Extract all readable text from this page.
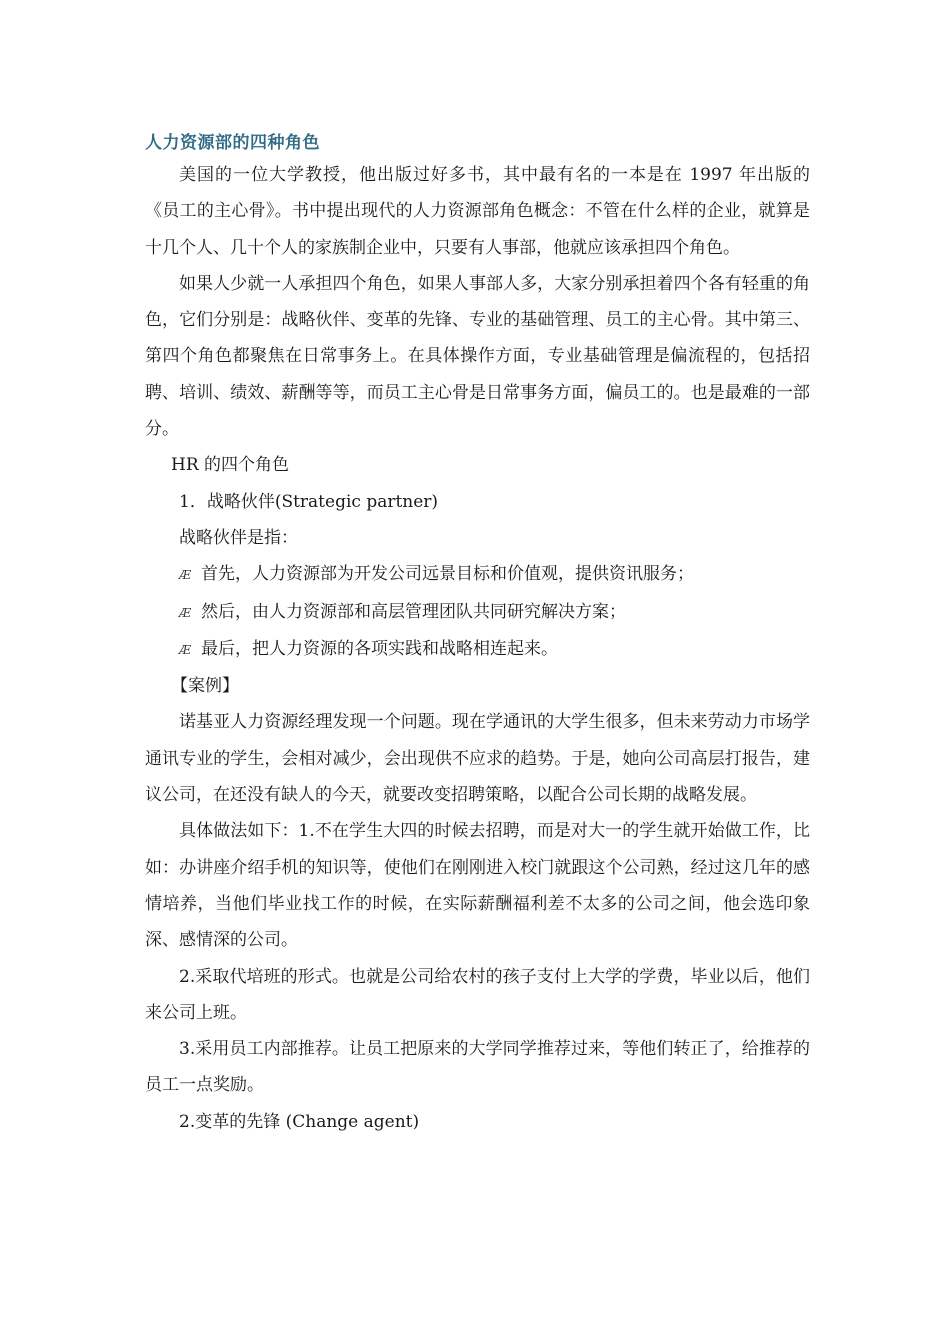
人力资源部的四种角色

美国的一位大学教授，他出版过好多书，其中最有名的一本是在 1997 年出版的《员工的主心骨》。书中提出现代的人力资源部角色概念：不管在什么样的企业，就算是十几个人、几十个人的家族制企业中，只要有人事部，他就应该承担四个角色。

如果人少就一人承担四个角色，如果人事部人多，大家分别承担着四个各有轻重的角色，它们分别是：战略伙伴、变革的先锋、专业的基础管理、员工的主心骨。其中第三、第四个角色都聚焦在日常事务上。在具体操作方面，专业基础管理是偏流程的，包括招聘、培训、绩效、薪酬等等，而员工主心骨是日常事务方面，偏员工的。也是最难的一部分。

HR 的四个角色

1．战略伙伴(Strategic partner)

战略伙伴是指：

Æ 首先，人力资源部为开发公司远景目标和价值观，提供资讯服务；

Æ 然后，由人力资源部和高层管理团队共同研究解决方案；

Æ 最后，把人力资源的各项实践和战略相连起来。

【案例】

诺基亚人力资源经理发现一个问题。现在学通讯的大学生很多，但未来劳动力市场学通讯专业的学生，会相对减少，会出现供不应求的趋势。于是，她向公司高层打报告，建议公司，在还没有缺人的今天，就要改变招聘策略，以配合公司长期的战略发展。

具体做法如下：1.不在学生大四的时候去招聘，而是对大一的学生就开始做工作，比如：办讲座介绍手机的知识等，使他们在刚刚进入校门就跟这个公司熟，经过这几年的感情培养，当他们毕业找工作的时候，在实际薪酬福利差不太多的公司之间，他会选印象深、感情深的公司。

2.采取代培班的形式。也就是公司给农村的孩子支付上大学的学费，毕业以后，他们来公司上班。

3.采用员工内部推荐。让员工把原来的大学同学推荐过来，等他们转正了，给推荐的员工一点奖励。

2.变革的先锋 (Change agent)
